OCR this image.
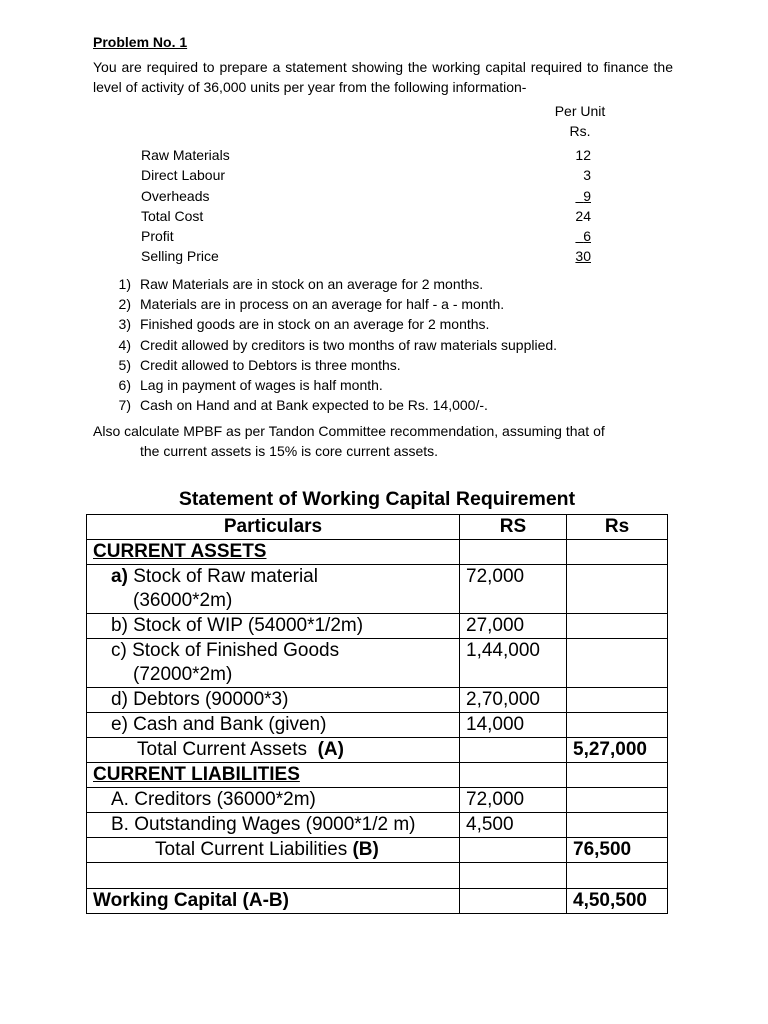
Problem No. 1
You are required to prepare a statement showing the working capital required to finance the level of activity of 36,000 units per year from the following information-
Per Unit
Rs.
Raw Materials	12
Direct Labour	3
Overheads	9
Total Cost	24
Profit	6
Selling Price	30
1) Raw Materials are in stock on an average for 2 months.
2) Materials are in process on an average for half - a - month.
3) Finished goods are in stock on an average for 2 months.
4) Credit allowed by creditors is two months of raw materials supplied.
5) Credit allowed to Debtors is three months.
6) Lag in payment of wages is half month.
7) Cash on Hand and at Bank expected to be Rs. 14,000/-.
Also calculate MPBF as per Tandon Committee recommendation, assuming that of
the current assets is 15% is core current assets.
Statement of Working Capital Requirement
Particulars	RS	Rs
CURRENT ASSETS		
a) Stock of Raw material
(36000*2m)	72,000	
b) Stock of WIP (54000*1/2m)	27,000	
c) Stock of Finished Goods
(72000*2m)	1,44,000	
d) Debtors (90000*3)	2,70,000	
e) Cash and Bank (given)	14,000	
Total Current Assets (A)		5,27,000
CURRENT LIABILITIES		
A. Creditors (36000*2m)	72,000	
B. Outstanding Wages (9000*1/2 m)	4,500	
Total Current Liabilities (B)		76,500

Working Capital (A-B)		4,50,500
